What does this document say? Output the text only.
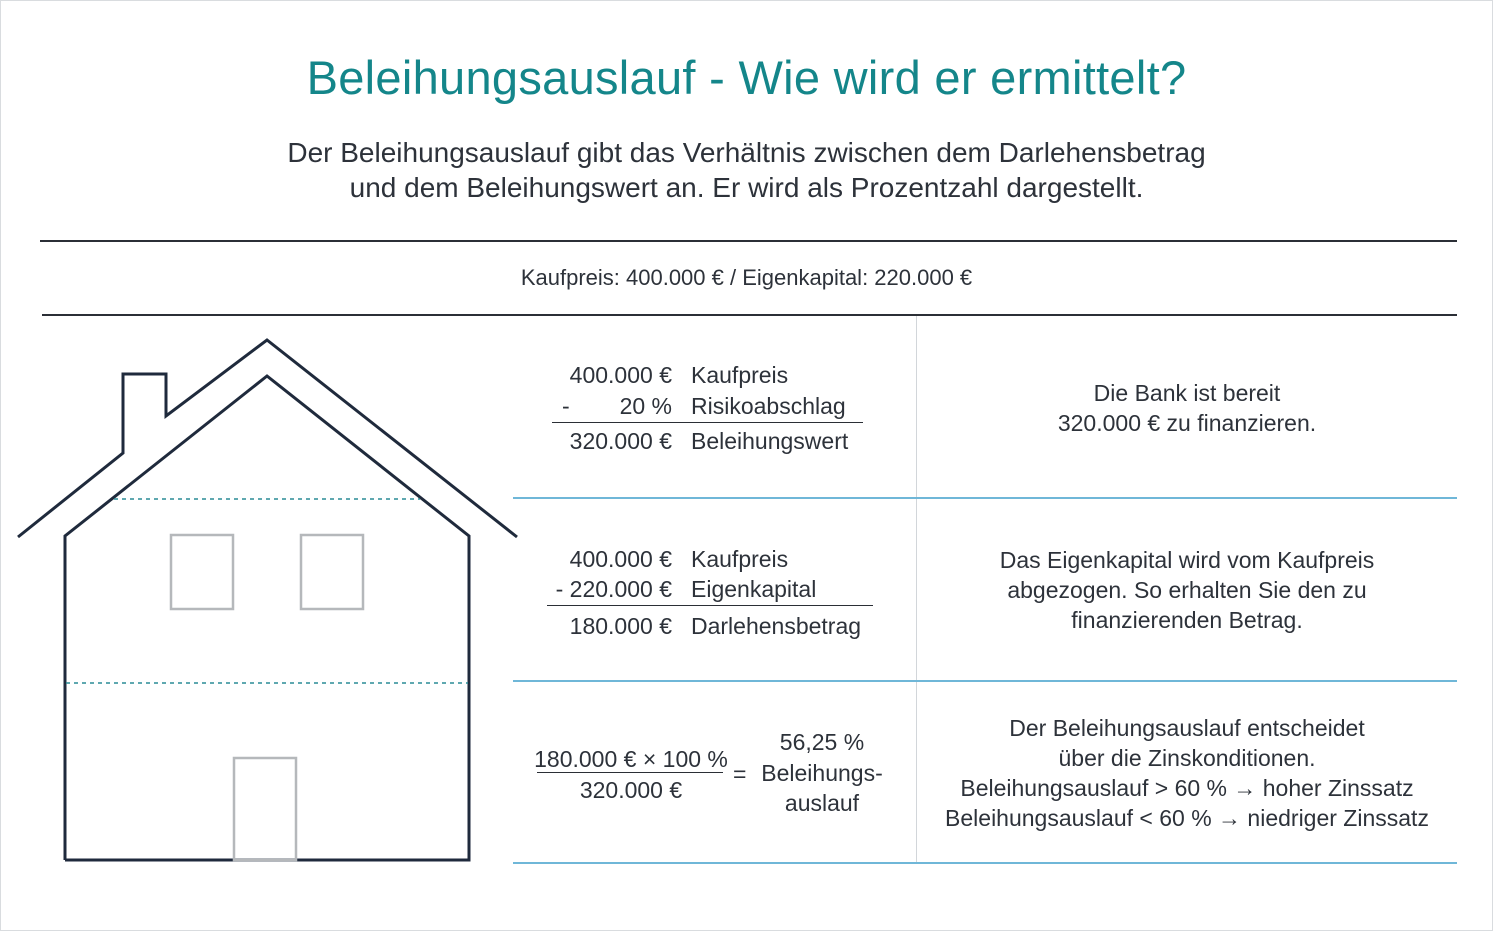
Beleihungsauslauf - Wie wird er ermittelt?
Der Beleihungsauslauf gibt das Verhältnis zwischen dem Darlehensbetrag
und dem Beleihungswert an. Er wird als Prozentzahl dargestellt.
Kaufpreis: 400.000 € / Eigenkapital: 220.000 €
400.000 € Kaufpreis
-	20 % Risikoabschlag
320.000 € Beleihungswert
Die Bank ist bereit
320.000 € zu finanzieren.
400.000 € Kaufpreis
- 220.000 € Eigenkapital
180.000 € Darlehensbetrag
Das Eigenkapital wird vom Kaufpreis
abgezogen. So erhalten Sie den zu
finanzierenden Betrag.
180.000 € × 100 %
320.000 €
=
56,25 %
Beleihungs-
auslauf
Der Beleihungsauslauf entscheidet
über die Zinskonditionen.
Beleihungsauslauf > 60 % → hoher Zinssatz
Beleihungsauslauf < 60 % → niedriger Zinssatz
